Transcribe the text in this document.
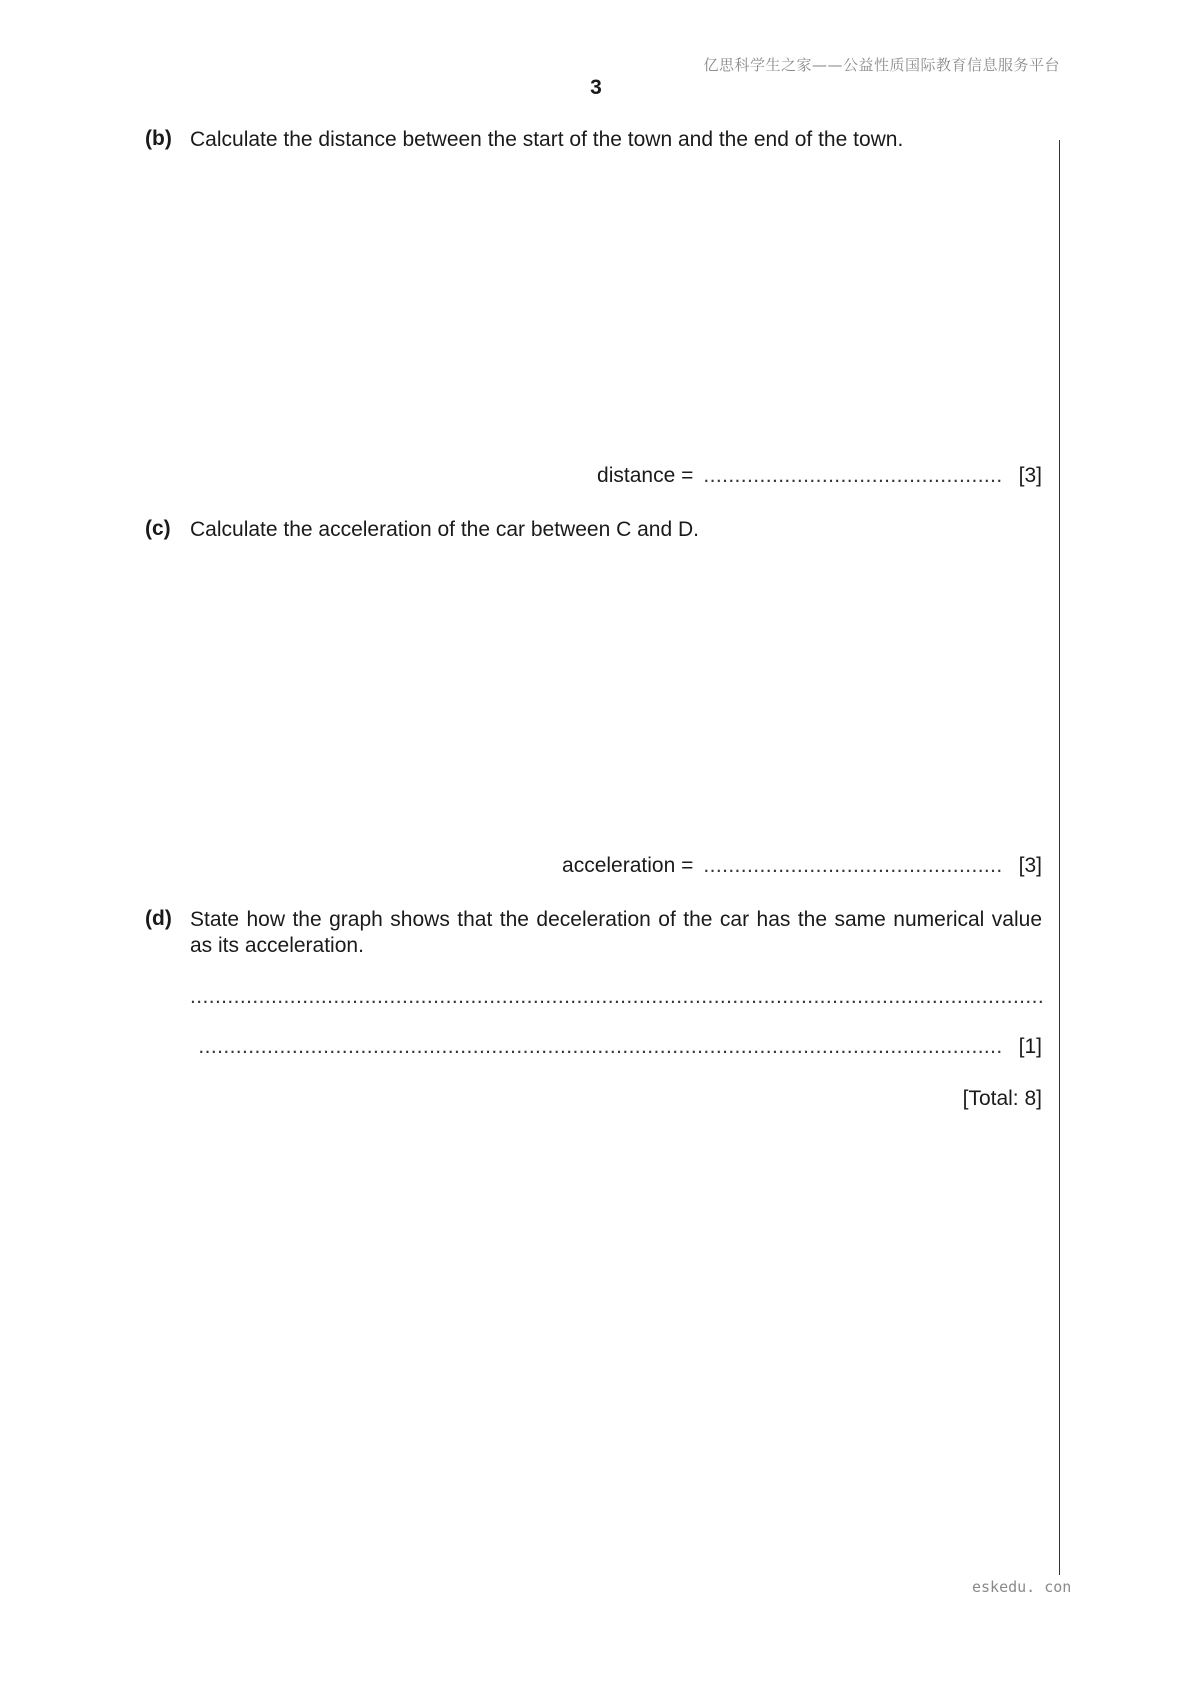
亿思科学生之家——公益性质国际教育信息服务平台
3
(b) Calculate the distance between the start of the town and the end of the town.
distance = ................................................ [3]
(c) Calculate the acceleration of the car between C and D.
acceleration = ................................................ [3]
(d) State how the graph shows that the deceleration of the car has the same numerical value as its acceleration.
.........................................................................................................................................
................................................................................................................................. [1]
[Total: 8]
eskedu. con
